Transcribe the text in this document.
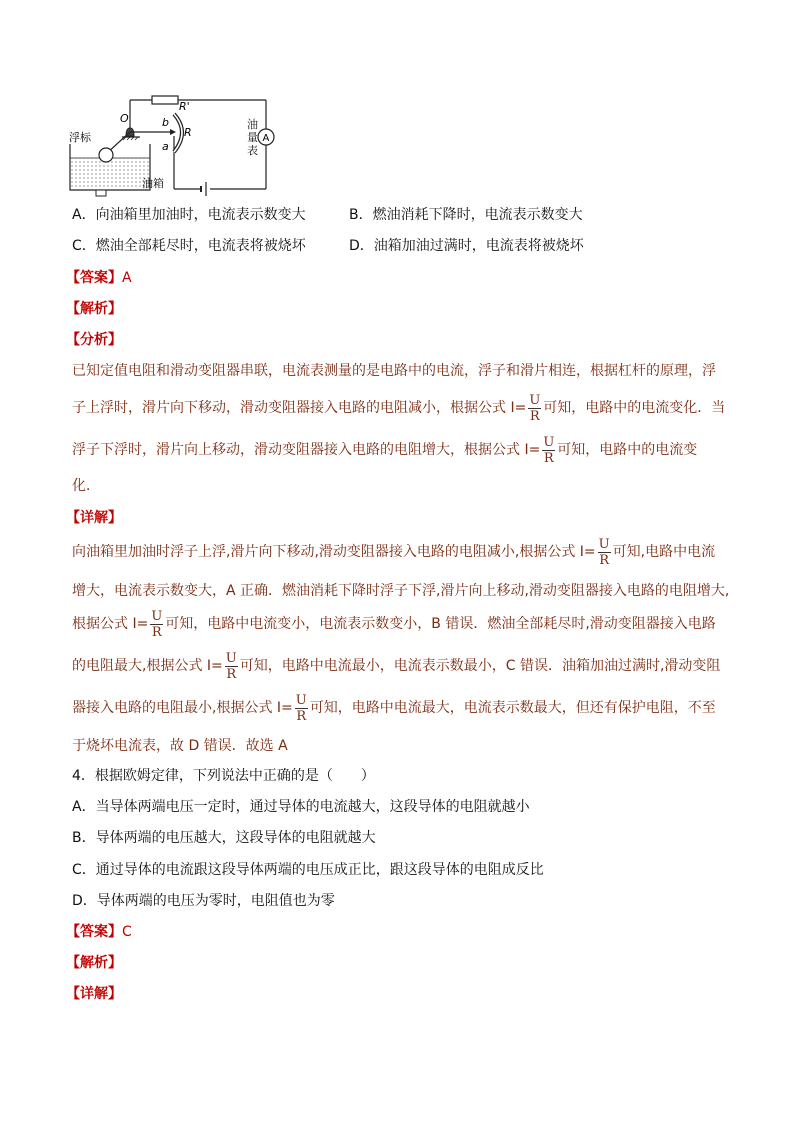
O	b
a
R
R'
浮标
油箱
A
油量表
A．向油箱里加油时，电流表示数变大	B．燃油消耗下降时，电流表示数变大
C．燃油全部耗尽时，电流表将被烧坏	D．油箱加油过满时，电流表将被烧坏
【答案】A
【解析】
【分析】
已知定值电阻和滑动变阻器串联，电流表测量的是电路中的电流，浮子和滑片相连，根据杠杆的原理，浮
子上浮时，滑片向下移动，滑动变阻器接入电路的电阻减小，根据公式 $I= \frac{U}{R}$ 可知，电路中的电流变化．当
浮子下浮时，滑片向上移动，滑动变阻器接入电路的电阻增大，根据公式 $I= \frac{U}{R}$ 可知，电路中的电流变
化．
【详解】
向油箱里加油时浮子上浮,滑片向下移动,滑动变阻器接入电路的电阻减小,根据公式 $I= \frac{U}{R}$ 可知,电路中电流
增大，电流表示数变大，A 正确．燃油消耗下降时浮子下浮,滑片向上移动,滑动变阻器接入电路的电阻增大,
根据公式 $I= \frac{U}{R}$ 可知，电路中电流变小，电流表示数变小，B 错误．燃油全部耗尽时,滑动变阻器接入电路
的电阻最大,根据公式 $I= \frac{U}{R}$ 可知，电路中电流最小，电流表示数最小，C 错误．油箱加油过满时,滑动变阻
器接入电路的电阻最小,根据公式 $I= \frac{U}{R}$ 可知，电路中电流最大，电流表示数最大，但还有保护电阻，不至
于烧坏电流表，故 D 错误．故选 A
4．根据欧姆定律，下列说法中正确的是（　　）
A．当导体两端电压一定时，通过导体的电流越大，这段导体的电阻就越小
B．导体两端的电压越大，这段导体的电阻就越大
C．通过导体的电流跟这段导体两端的电压成正比，跟这段导体的电阻成反比
D．导体两端的电压为零时，电阻值也为零
【答案】C
【解析】
【详解】
